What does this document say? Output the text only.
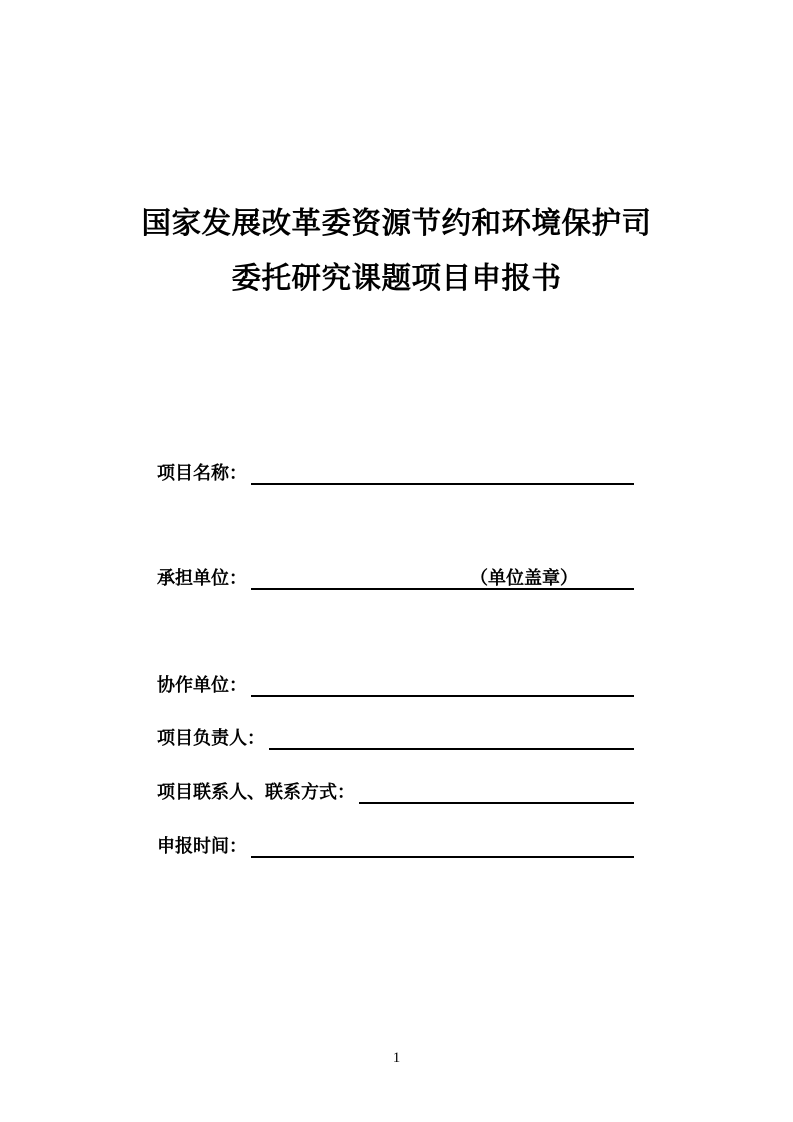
国家发展改革委资源节约和环境保护司
委托研究课题项目申报书
项目名称：
承担单位：	（单位盖章）
协作单位：
项目负责人：
项目联系人、联系方式：
申报时间：
1
